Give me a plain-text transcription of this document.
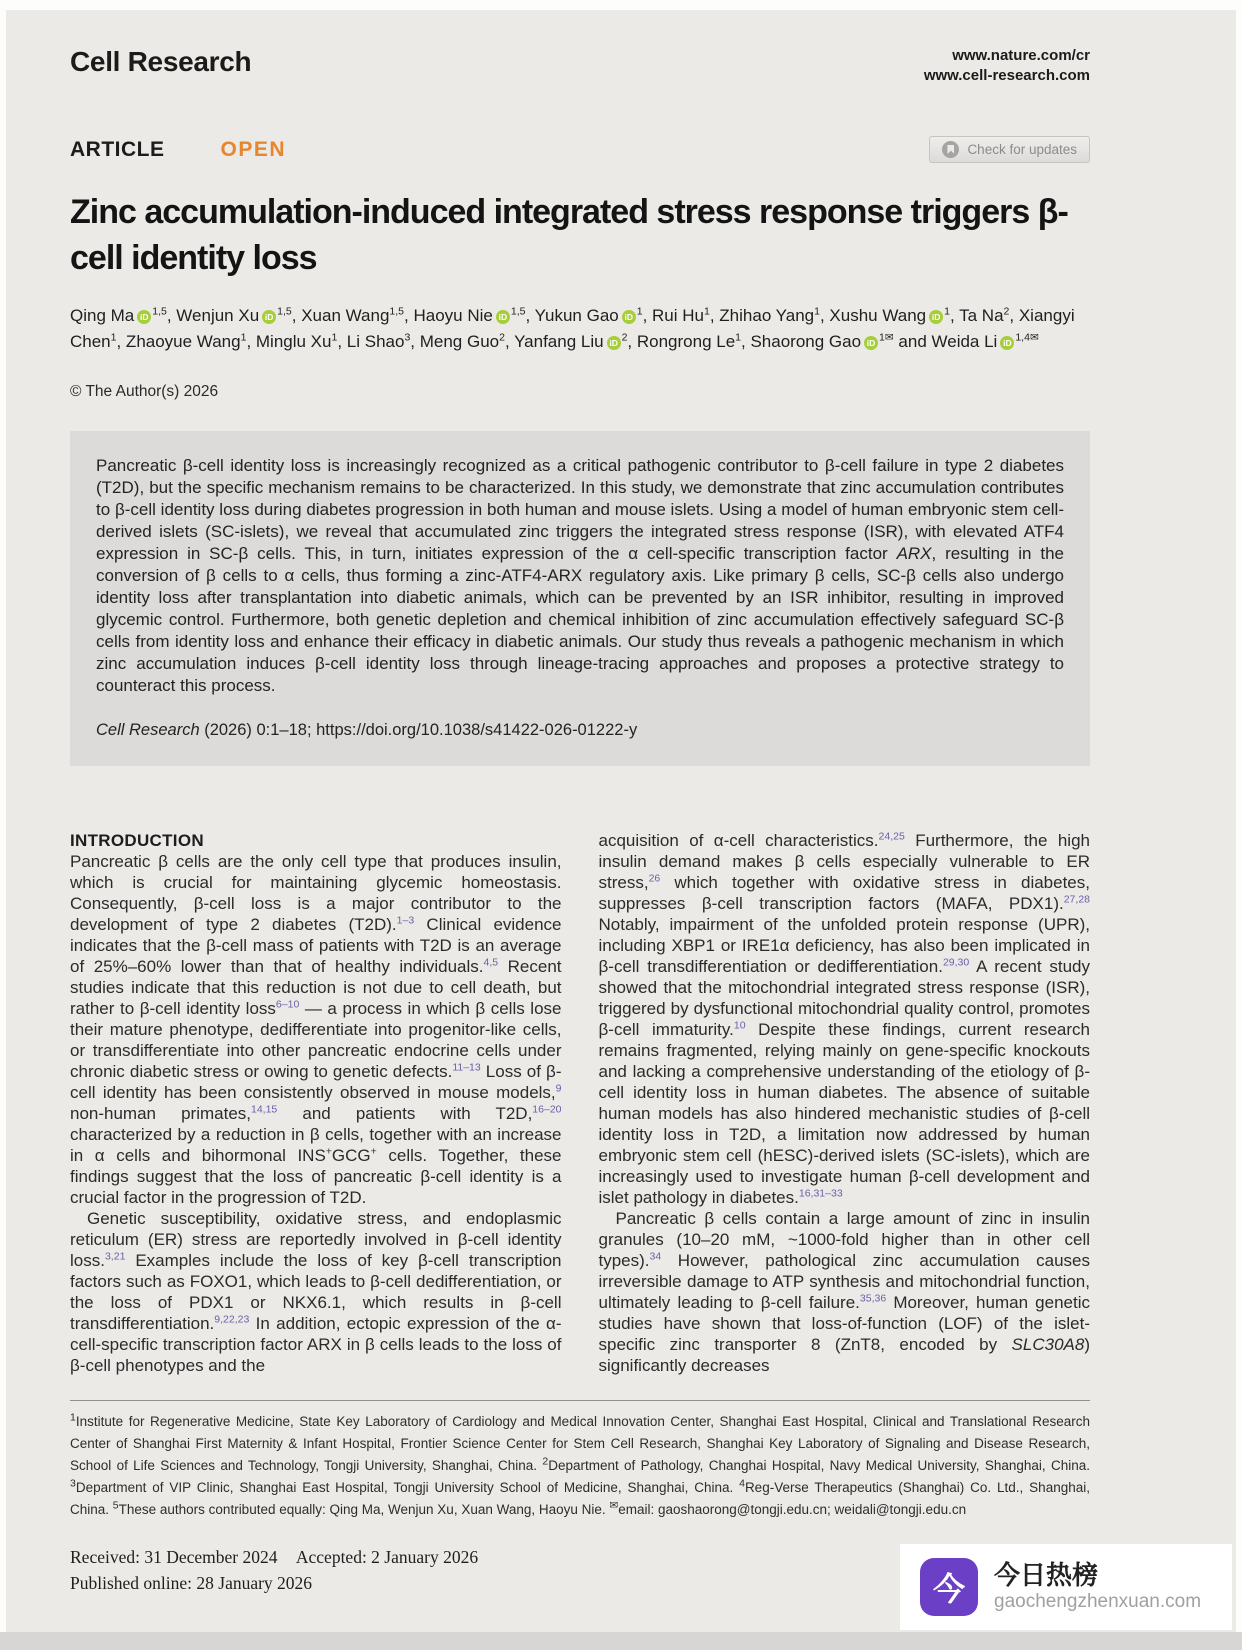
Cell Research	www.nature.com/cr
www.cell-research.com
ARTICLE	OPEN	Check for updates
Zinc accumulation-induced integrated stress response triggers β-cell identity loss

Qing Ma iD $^{1,5}$, Wenjun Xu iD $^{1,5}$, Xuan Wang$^{1,5}$, Haoyu Nie iD $^{1,5}$, Yukun Gao iD $^1$, Rui Hu$^1$, Zhihao Yang$^1$, Xushu Wang iD $^1$, Ta Na$^2$, Xiangyi Chen$^1$, Zhaoyue Wang$^1$, Minglu Xu$^1$, Li Shao$^3$, Meng Guo$^2$, Yanfang Liu iD $^2$, Rongrong Le$^1$, Shaorong Gao iD $^{1✉}$ and Weida Li iD $^{1,4✉}$

© The Author(s) 2026

Pancreatic β-cell identity loss is increasingly recognized as a critical pathogenic contributor to β-cell failure in type 2 diabetes (T2D), but the specific mechanism remains to be characterized. In this study, we demonstrate that zinc accumulation contributes to β-cell identity loss during diabetes progression in both human and mouse islets. Using a model of human embryonic stem cell-derived islets (SC-islets), we reveal that accumulated zinc triggers the integrated stress response (ISR), with elevated ATF4 expression in SC-β cells. This, in turn, initiates expression of the α cell-specific transcription factor ARX, resulting in the conversion of β cells to α cells, thus forming a zinc-ATF4-ARX regulatory axis. Like primary β cells, SC-β cells also undergo identity loss after transplantation into diabetic animals, which can be prevented by an ISR inhibitor, resulting in improved glycemic control. Furthermore, both genetic depletion and chemical inhibition of zinc accumulation effectively safeguard SC-β cells from identity loss and enhance their efficacy in diabetic animals. Our study thus reveals a pathogenic mechanism in which zinc accumulation induces β-cell identity loss through lineage-tracing approaches and proposes a protective strategy to counteract this process.

Cell Research (2026) 0:1–18; https://doi.org/10.1038/s41422-026-01222-y

INTRODUCTION

Pancreatic β cells are the only cell type that produces insulin, which is crucial for maintaining glycemic homeostasis. Consequently, β-cell loss is a major contributor to the development of type 2 diabetes (T2D).$^{1-3}$ Clinical evidence indicates that the β-cell mass of patients with T2D is an average of 25%–60% lower than that of healthy individuals.$^{4,5}$ Recent studies indicate that this reduction is not due to cell death, but rather to β-cell identity loss$^{6-10}$ — a process in which β cells lose their mature phenotype, dedifferentiate into progenitor-like cells, or transdifferentiate into other pancreatic endocrine cells under chronic diabetic stress or owing to genetic defects.$^{11-13}$ Loss of β-cell identity has been consistently observed in mouse models,$^9$ non-human primates,$^{14,15}$ and patients with T2D,$^{16-20}$ characterized by a reduction in β cells, together with an increase in α cells and bihormonal INS+GCG+ cells. Together, these findings suggest that the loss of pancreatic β-cell identity is a crucial factor in the progression of T2D.

Genetic susceptibility, oxidative stress, and endoplasmic reticulum (ER) stress are reportedly involved in β-cell identity loss.$^{3,21}$ Examples include the loss of key β-cell transcription factors such as FOXO1, which leads to β-cell dedifferentiation, or the loss of PDX1 or NKX6.1, which results in β-cell transdifferentiation.$^{9,22,23}$ In addition, ectopic expression of the α-cell-specific transcription factor ARX in β cells leads to the loss of β-cell phenotypes and the

acquisition of α-cell characteristics.$^{24,25}$ Furthermore, the high insulin demand makes β cells especially vulnerable to ER stress,$^{26}$ which together with oxidative stress in diabetes, suppresses β-cell transcription factors (MAFA, PDX1).$^{27,28}$ Notably, impairment of the unfolded protein response (UPR), including XBP1 or IRE1α deficiency, has also been implicated in β-cell transdifferentiation or dedifferentiation.$^{29,30}$ A recent study showed that the mitochondrial integrated stress response (ISR), triggered by dysfunctional mitochondrial quality control, promotes β-cell immaturity.$^{10}$ Despite these findings, current research remains fragmented, relying mainly on gene-specific knockouts and lacking a comprehensive understanding of the etiology of β-cell identity loss in human diabetes. The absence of suitable human models has also hindered mechanistic studies of β-cell identity loss in T2D, a limitation now addressed by human embryonic stem cell (hESC)-derived islets (SC-islets), which are increasingly used to investigate human β-cell development and islet pathology in diabetes.$^{16,31-33}$

Pancreatic β cells contain a large amount of zinc in insulin granules (10–20 mM, ~1000-fold higher than in other cell types).$^{34}$ However, pathological zinc accumulation causes irreversible damage to ATP synthesis and mitochondrial function, ultimately leading to β-cell failure.$^{35,36}$ Moreover, human genetic studies have shown that loss-of-function (LOF) of the islet-specific zinc transporter 8 (ZnT8, encoded by SLC30A8) significantly decreases

$^1$Institute for Regenerative Medicine, State Key Laboratory of Cardiology and Medical Innovation Center, Shanghai East Hospital, Clinical and Translational Research Center of Shanghai First Maternity & Infant Hospital, Frontier Science Center for Stem Cell Research, Shanghai Key Laboratory of Signaling and Disease Research, School of Life Sciences and Technology, Tongji University, Shanghai, China. $^2$Department of Pathology, Changhai Hospital, Navy Medical University, Shanghai, China. $^3$Department of VIP Clinic, Shanghai East Hospital, Tongji University School of Medicine, Shanghai, China. $^4$Reg-Verse Therapeutics (Shanghai) Co. Ltd., Shanghai, China. $^5$These authors contributed equally: Qing Ma, Wenjun Xu, Xuan Wang, Haoyu Nie. ✉email: gaoshaorong@tongji.edu.cn; weidali@tongji.edu.cn

Received: 31 December 2024 Accepted: 2 January 2026

Published online: 28 January 2026	今 今日热榜
gaochengzhenxuan.com
